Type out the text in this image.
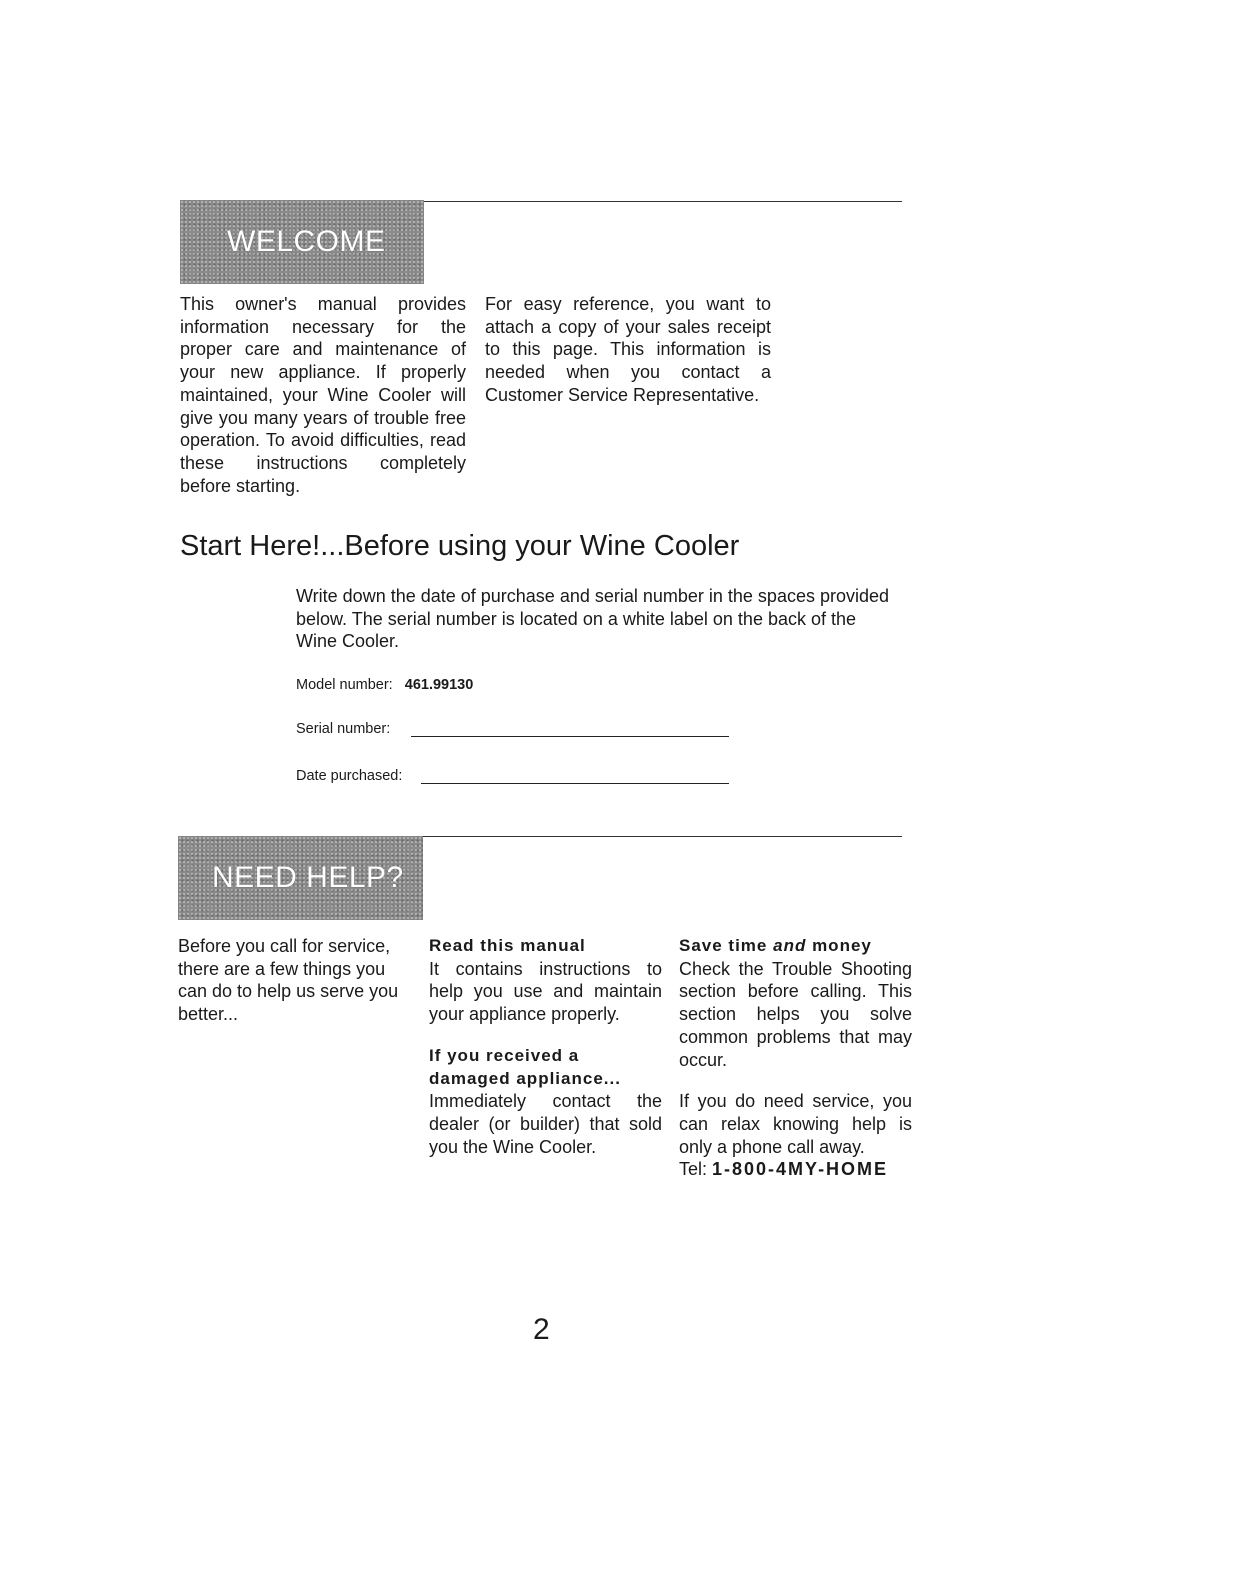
WELCOME
This owner's manual provides information necessary for the proper care and maintenance of your new appliance. If properly maintained, your Wine Cooler will give you many years of trouble free operation. To avoid difficulties, read these instructions completely before starting.
For easy reference, you want to attach a copy of your sales receipt to this page. This information is needed when you contact a Customer Service Representative.
Start Here!...Before using your Wine Cooler
Write down the date of purchase and serial number in the spaces provided below. The serial number is located on a white label on the back of the Wine Cooler.
Model number: 461.99130
Serial number:
Date purchased:
NEED HELP?
Before you call for service, there are a few things you can do to help us serve you better...
Read this manual
It contains instructions to help you use and maintain your appliance properly.
If you received a damaged appliance...
Immediately contact the dealer (or builder) that sold you the Wine Cooler.
Save time and money
Check the Trouble Shooting section before calling. This section helps you solve common problems that may occur.
If you do need service, you can relax knowing help is only a phone call away.
Tel: 1-800-4MY-HOME
2
